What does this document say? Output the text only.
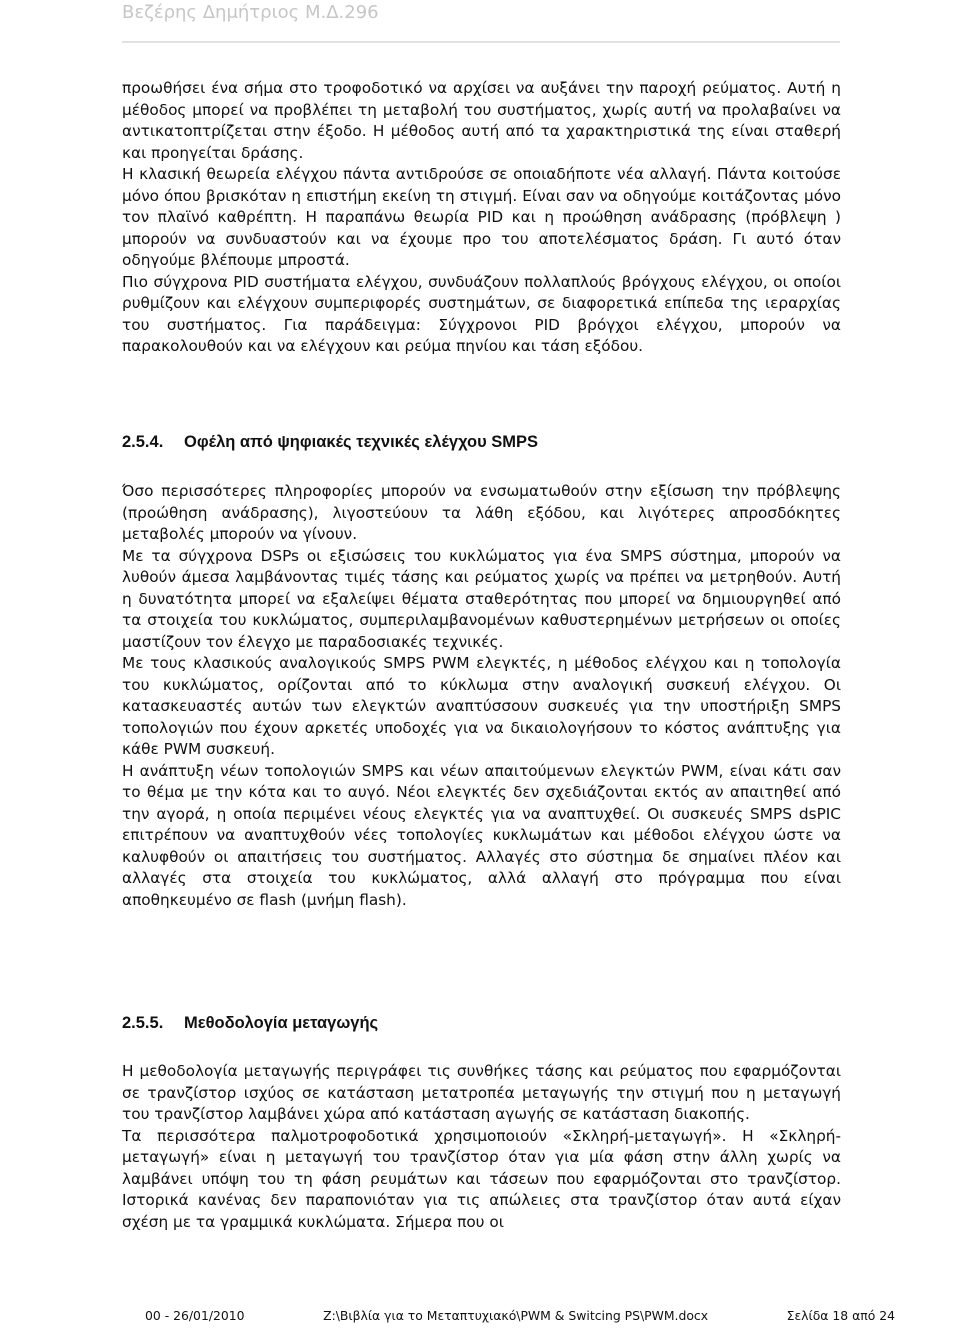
Βεζέρης Δημήτριος Μ.Δ.296

προωθήσει ένα σήμα στο τροφοδοτικό να αρχίσει να αυξάνει την παροχή ρεύματος. Αυτή η μέθοδος μπορεί να προβλέπει τη μεταβολή του συστήματος, χωρίς αυτή να προλαβαίνει να αντικατοπτρίζεται στην έξοδο. Η μέθοδος αυτή από τα χαρακτηριστικά της είναι σταθερή και προηγείται δράσης.

Η κλασική θεωρεία ελέγχου πάντα αντιδρούσε σε οποιαδήποτε νέα αλλαγή. Πάντα κοιτούσε μόνο όπου βρισκόταν η επιστήμη εκείνη τη στιγμή. Είναι σαν να οδηγούμε κοιτάζοντας μόνο τον πλαϊνό καθρέπτη. Η παραπάνω θεωρία PID και η προώθηση ανάδρασης (πρόβλεψη ) μπορούν να συνδυαστούν και να έχουμε προ του αποτελέσματος δράση. Γι αυτό όταν οδηγούμε βλέπουμε μπροστά.

Πιο σύγχρονα PID συστήματα ελέγχου, συνδυάζουν πολλαπλούς βρόγχους ελέγχου, οι οποίοι ρυθμίζουν και ελέγχουν συμπεριφορές συστημάτων, σε διαφορετικά επίπεδα της ιεραρχίας του συστήματος. Για παράδειγμα: Σύγχρονοι PID βρόγχοι ελέγχου, μπορούν να παρακολουθούν και να ελέγχουν και ρεύμα πηνίου και τάση εξόδου.

2.5.4. Οφέλη από ψηφιακές τεχνικές ελέγχου SMPS

Όσο περισσότερες πληροφορίες μπορούν να ενσωματωθούν στην εξίσωση την πρόβλεψης (προώθηση ανάδρασης), λιγοστεύουν τα λάθη εξόδου, και λιγότερες απροσδόκητες μεταβολές μπορούν να γίνουν.

Με τα σύγχρονα DSPs οι εξισώσεις του κυκλώματος για ένα SMPS σύστημα, μπορούν να λυθούν άμεσα λαμβάνοντας τιμές τάσης και ρεύματος χωρίς να πρέπει να μετρηθούν. Αυτή η δυνατότητα μπορεί να εξαλείψει θέματα σταθερότητας που μπορεί να δημιουργηθεί από τα στοιχεία του κυκλώματος, συμπεριλαμβανομένων καθυστερημένων μετρήσεων οι οποίες μαστίζουν τον έλεγχο με παραδοσιακές τεχνικές.

Με τους κλασικούς αναλογικούς SMPS PWM ελεγκτές, η μέθοδος ελέγχου και η τοπολογία του κυκλώματος, ορίζονται από το κύκλωμα στην αναλογική συσκευή ελέγχου. Οι κατασκευαστές αυτών των ελεγκτών αναπτύσσουν συσκευές για την υποστήριξη SMPS τοπολογιών που έχουν αρκετές υποδοχές για να δικαιολογήσουν το κόστος ανάπτυξης για κάθε PWM συσκευή.

Η ανάπτυξη νέων τοπολογιών SMPS και νέων απαιτούμενων ελεγκτών PWM, είναι κάτι σαν το θέμα με την κότα και το αυγό. Νέοι ελεγκτές δεν σχεδιάζονται εκτός αν απαιτηθεί από την αγορά, η οποία περιμένει νέους ελεγκτές για να αναπτυχθεί. Οι συσκευές SMPS dsPIC επιτρέπουν να αναπτυχθούν νέες τοπολογίες κυκλωμάτων και μέθοδοι ελέγχου ώστε να καλυφθούν οι απαιτήσεις του συστήματος. Αλλαγές στο σύστημα δε σημαίνει πλέον και αλλαγές στα στοιχεία του κυκλώματος, αλλά αλλαγή στο πρόγραμμα που είναι αποθηκευμένο σε flash (μνήμη flash).

2.5.5. Μεθοδολογία μεταγωγής

Η μεθοδολογία μεταγωγής περιγράφει τις συνθήκες τάσης και ρεύματος που εφαρμόζονται σε τρανζίστορ ισχύος σε κατάσταση μετατροπέα μεταγωγής την στιγμή που η μεταγωγή του τρανζίστορ λαμβάνει χώρα από κατάσταση αγωγής σε κατάσταση διακοπής.

Τα περισσότερα παλμοτροφοδοτικά χρησιμοποιούν «Σκληρή-μεταγωγή». Η «Σκληρή-μεταγωγή» είναι η μεταγωγή του τρανζίστορ όταν για μία φάση στην άλλη χωρίς να λαμβάνει υπόψη του τη φάση ρευμάτων και τάσεων που εφαρμόζονται στο τρανζίστορ. Ιστορικά κανένας δεν παραπονιόταν για τις απώλειες στα τρανζίστορ όταν αυτά είχαν σχέση με τα γραμμικά κυκλώματα. Σήμερα που οι

00 - 26/01/2010	Z:\Βιβλία για το Μεταπτυχιακό\PWM & Switcing PS\PWM.docx	Σελίδα 18 από 24
